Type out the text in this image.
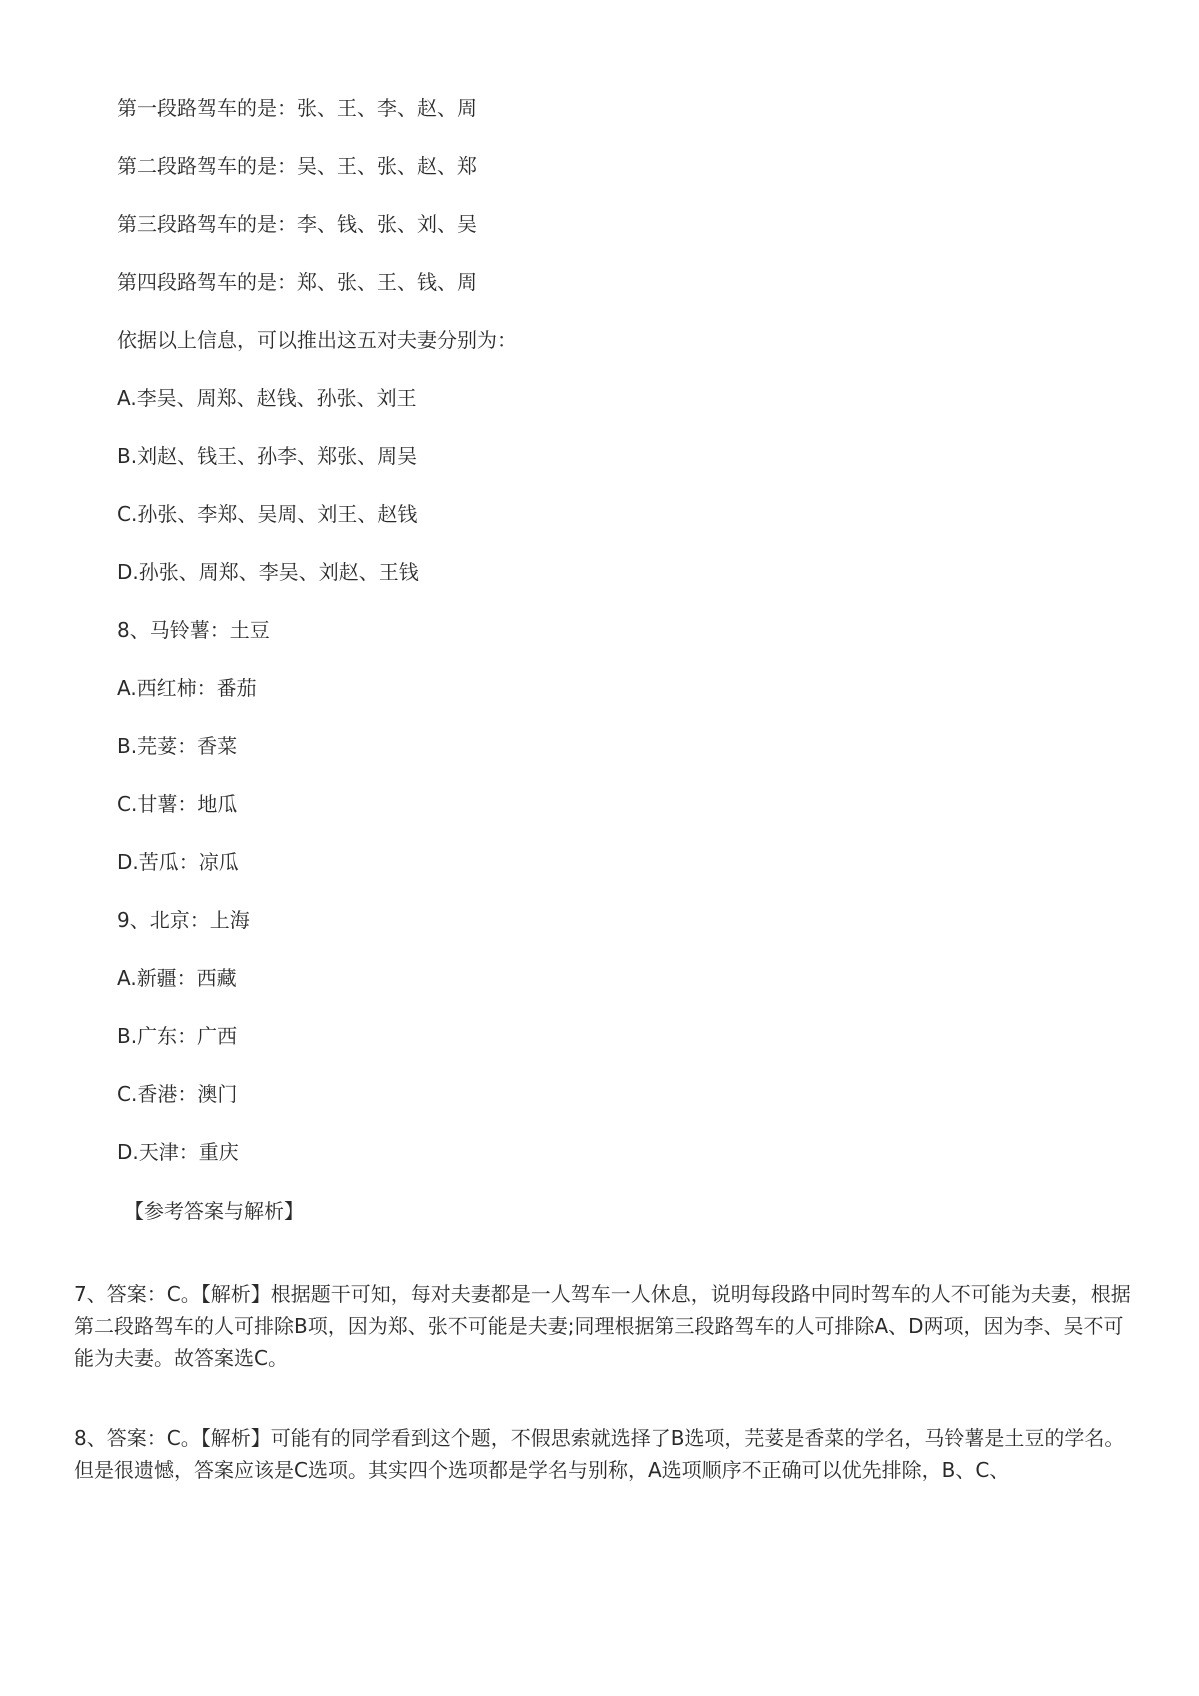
第一段路驾车的是：张、王、李、赵、周
第二段路驾车的是：吴、王、张、赵、郑
第三段路驾车的是：李、钱、张、刘、吴
第四段路驾车的是：郑、张、王、钱、周
依据以上信息，可以推出这五对夫妻分别为：
A.李吴、周郑、赵钱、孙张、刘王
B.刘赵、钱王、孙李、郑张、周吴
C.孙张、李郑、吴周、刘王、赵钱
D.孙张、周郑、李吴、刘赵、王钱
8、马铃薯：土豆
A.西红柿：番茄
B.芫荽：香菜
C.甘薯：地瓜
D.苦瓜：凉瓜
9、北京：上海
A.新疆：西藏
B.广东：广西
C.香港：澳门
D.天津：重庆
【参考答案与解析】
7、答案：C。【解析】根据题干可知，每对夫妻都是一人驾车一人休息，说明每段路中同时驾车的人不可能为夫妻，根据第二段路驾车的人可排除B项，因为郑、张不可能是夫妻;同理根据第三段路驾车的人可排除A、D两项，因为李、吴不可能为夫妻。故答案选C。
8、答案：C。【解析】可能有的同学看到这个题，不假思索就选择了B选项，芫荽是香菜的学名，马铃薯是土豆的学名。但是很遗憾，答案应该是C选项。其实四个选项都是学名与别称，A选项顺序不正确可以优先排除，B、C、
